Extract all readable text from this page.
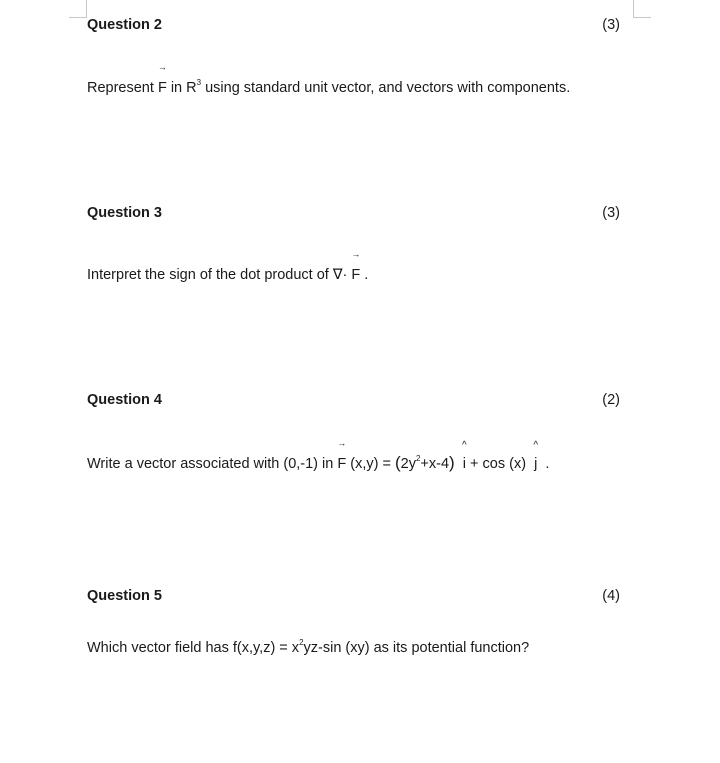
Question 2	(3)
Represent
→
F in $R^3$ using standard unit vector, and vectors with components.
Question 3	(3)
Interpret the sign of the dot product of ∇·
→
F .
Question 4	(2)
Write a vector associated with (0,-1) in
→
F $(x,y) = (2y^2+x-4)$
^
i + cos (x)
^
j  .
Question 5	(4)
Which vector field has $f(x,y,z) = x^2yz-\sin$ (xy) as its potential function?
